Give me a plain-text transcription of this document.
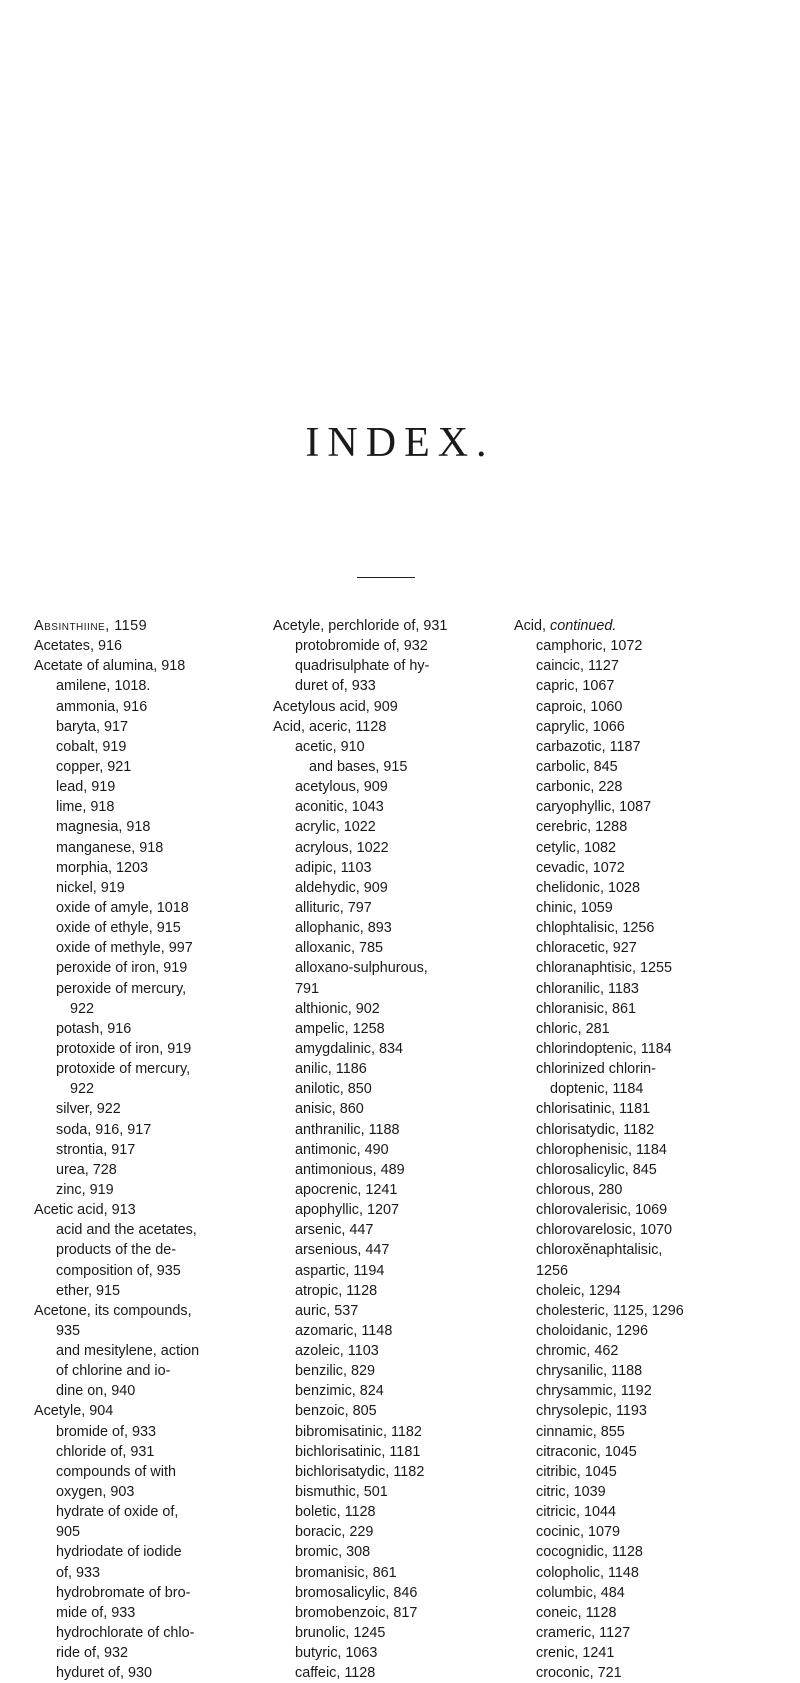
INDEX.
Absinthiine, 1159
Acetates, 916
Acetate of alumina, 918
amilene, 1018.
ammonia, 916
baryta, 917
cobalt, 919
copper, 921
lead, 919
lime, 918
magnesia, 918
manganese, 918
morphia, 1203
nickel, 919
oxide of amyle, 1018
oxide of ethyle, 915
oxide of methyle, 997
peroxide of iron, 919
peroxide of mercury,
922
potash, 916
protoxide of iron, 919
protoxide of mercury,
922
silver, 922
soda, 916, 917
strontia, 917
urea, 728
zinc, 919
Acetic acid, 913
acid and the acetates,
products of the de-
composition of, 935
ether, 915
Acetone, its compounds,
935
and mesitylene, action
of chlorine and io-
dine on, 940
Acetyle, 904
bromide of, 933
chloride of, 931
compounds of with
oxygen, 903
hydrate of oxide of,
905
hydriodate of iodide
of, 933
hydrobromate of bro-
mide of, 933
hydrochlorate of chlo-
ride of, 932
hyduret of, 930
Acetyle, perchloride of, 931
protobromide of, 932
quadrisulphate of hy-
duret of, 933
Acetylous acid, 909
Acid, aceric, 1128
acetic, 910
and bases, 915
acetylous, 909
aconitic, 1043
acrylic, 1022
acrylous, 1022
adipic, 1103
aldehydic, 909
allituric, 797
allophanic, 893
alloxanic, 785
alloxano-sulphurous,
791
althionic, 902
ampelic, 1258
amygdalinic, 834
anilic, 1186
anilotic, 850
anisic, 860
anthranilic, 1188
antimonic, 490
antimonious, 489
apocrenic, 1241
apophyllic, 1207
arsenic, 447
arsenious, 447
aspartic, 1194
atropic, 1128
auric, 537
azomaric, 1148
azoleic, 1103
benzilic, 829
benzimic, 824
benzoic, 805
bibromisatinic, 1182
bichlorisatinic, 1181
bichlorisatydic, 1182
bismuthic, 501
boletic, 1128
boracic, 229
bromic, 308
bromanisic, 861
bromosalicylic, 846
bromobenzoic, 817
brunolic, 1245
butyric, 1063
caffeic, 1128
Acid, continued.
camphoric, 1072
caincic, 1127
capric, 1067
caproic, 1060
caprylic, 1066
carbazotic, 1187
carbolic, 845
carbonic, 228
caryophyllic, 1087
cerebric, 1288
cetylic, 1082
cevadic, 1072
chelidonic, 1028
chinic, 1059
chlophtalisic, 1256
chloracetic, 927
chloranaphtisic, 1255
chloranilic, 1183
chloranisic, 861
chloric, 281
chlorindoptenic, 1184
chlorinized chlorin-
doptenic, 1184
chlorisatinic, 1181
chlorisatydic, 1182
chlorophenisic, 1184
chlorosalicylic, 845
chlorous, 280
chlorovalerisic, 1069
chlorovarelosic, 1070
chloroxĕnaphtalisic,
1256
choleic, 1294
cholesteric, 1125, 1296
choloidanic, 1296
chromic, 462
chrysanilic, 1188
chrysammic, 1192
chrysolepic, 1193
cinnamic, 855
citraconic, 1045
citribic, 1045
citric, 1039
citricic, 1044
cocinic, 1079
cocognidic, 1128
colopholic, 1148
columbic, 484
coneic, 1128
crameric, 1127
crenic, 1241
croconic, 721
